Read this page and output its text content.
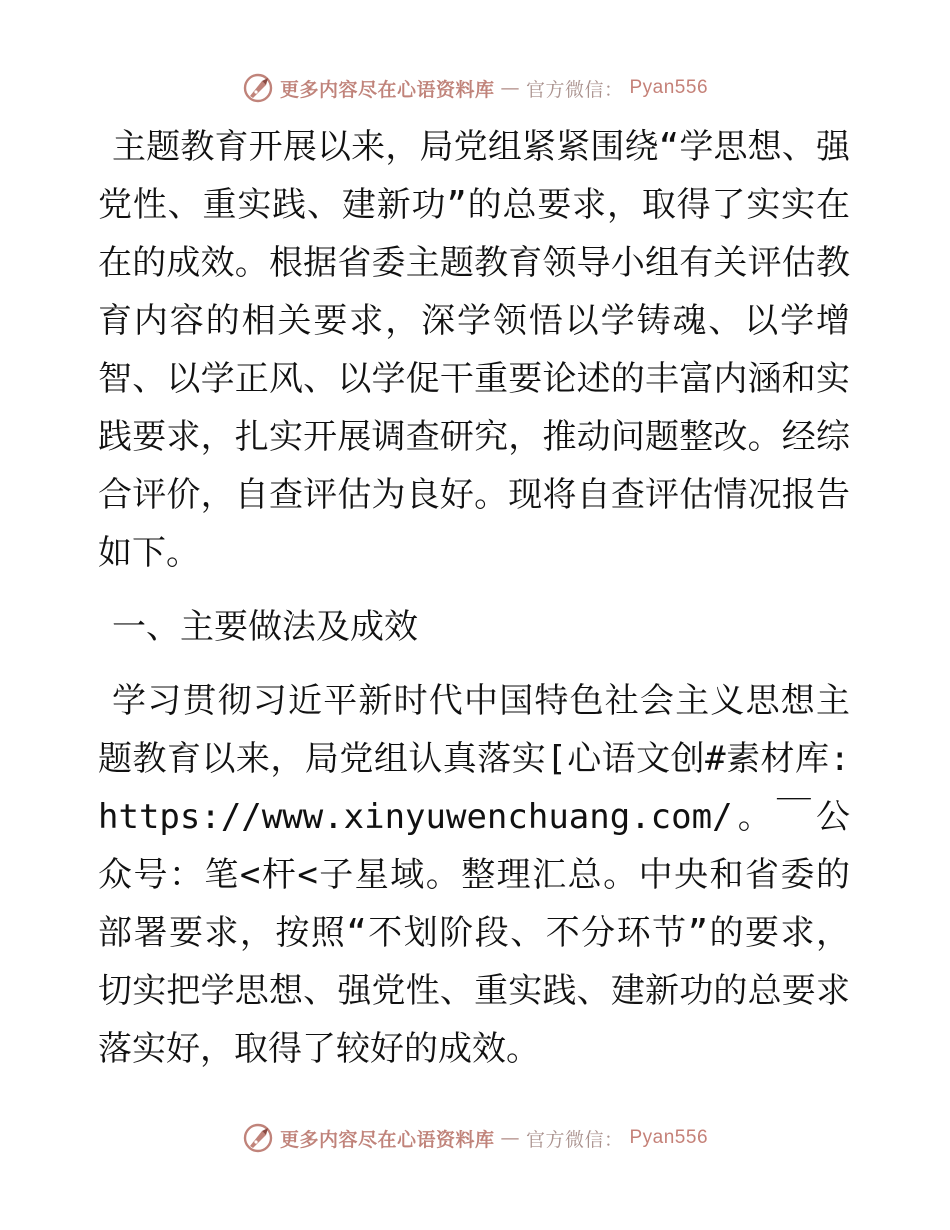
更多内容尽在心语资料库 — 官方微信： Pyan556

主题教育开展以来，局党组紧紧围绕“学思想、强党性、重实践、建新功”的总要求，取得了实实在在的成效。根据省委主题教育领导小组有关评估教育内容的相关要求，深学领悟以学铸魂、以学增智、以学正风、以学促干重要论述的丰富内涵和实践要求，扎实开展调查研究，推动问题整改。经综合评价，自查评估为良好。现将自查评估情况报告如下。

一、主要做法及成效

学习贯彻习近平新时代中国特色社会主义思想主题教育以来，局党组认真落实[心语文创#素材库:https://www.xinyuwenchuang.com/。￣公众号：笔<杆<子星域。整理汇总。中央和省委的部署要求，按照“不划阶段、不分环节”的要求，切实把学思想、强党性、重实践、建新功的总要求落实好，取得了较好的成效。

更多内容尽在心语资料库 — 官方微信： Pyan556
